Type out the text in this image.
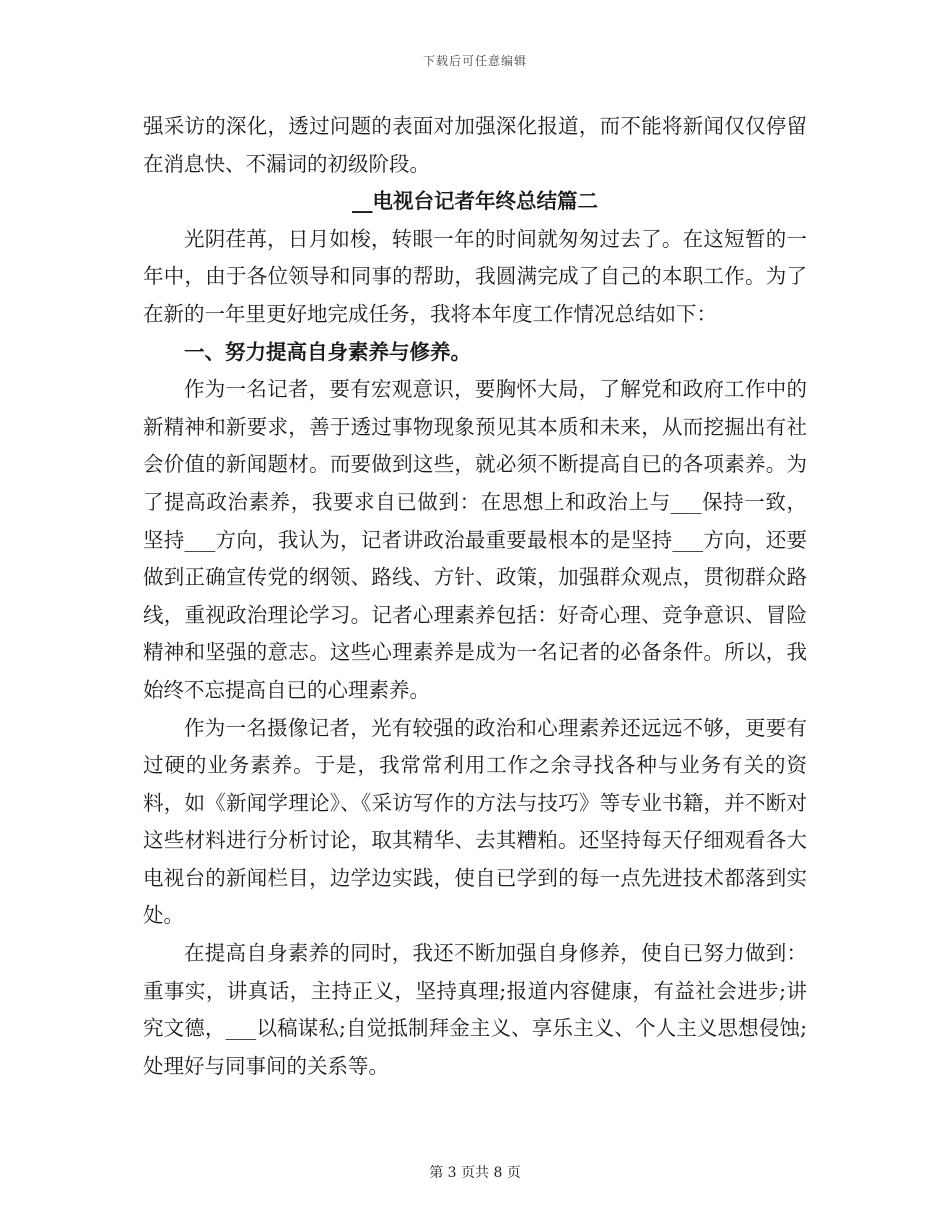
下载后可任意编辑

强采访的深化，透过问题的表面对加强深化报道，而不能将新闻仅仅停留在消息快、不漏词的初级阶段。

__电视台记者年终总结篇二

光阴荏苒，日月如梭，转眼一年的时间就匆匆过去了。在这短暂的一年中，由于各位领导和同事的帮助，我圆满完成了自己的本职工作。为了在新的一年里更好地完成任务，我将本年度工作情况总结如下：

一、努力提高自身素养与修养。

作为一名记者，要有宏观意识，要胸怀大局，了解党和政府工作中的新精神和新要求，善于透过事物现象预见其本质和未来，从而挖掘出有社会价值的新闻题材。而要做到这些，就必须不断提高自已的各项素养。为了提高政治素养，我要求自已做到：在思想上和政治上与___保持一致，坚持___方向，我认为，记者讲政治最重要最根本的是坚持___方向，还要做到正确宣传党的纲领、路线、方针、政策，加强群众观点，贯彻群众路线，重视政治理论学习。记者心理素养包括：好奇心理、竞争意识、冒险精神和坚强的意志。这些心理素养是成为一名记者的必备条件。所以，我始终不忘提高自已的心理素养。

作为一名摄像记者，光有较强的政治和心理素养还远远不够，更要有过硬的业务素养。于是，我常常利用工作之余寻找各种与业务有关的资料，如《新闻学理论》、《采访写作的方法与技巧》等专业书籍，并不断对这些材料进行分析讨论，取其精华、去其糟粕。还坚持每天仔细观看各大电视台的新闻栏目，边学边实践，使自已学到的每一点先进技术都落到实处。

在提高自身素养的同时，我还不断加强自身修养，使自已努力做到：重事实，讲真话，主持正义，坚持真理;报道内容健康，有益社会进步;讲究文德，___以稿谋私;自觉抵制拜金主义、享乐主义、个人主义思想侵蚀;处理好与同事间的关系等。

第 3 页共 8 页
